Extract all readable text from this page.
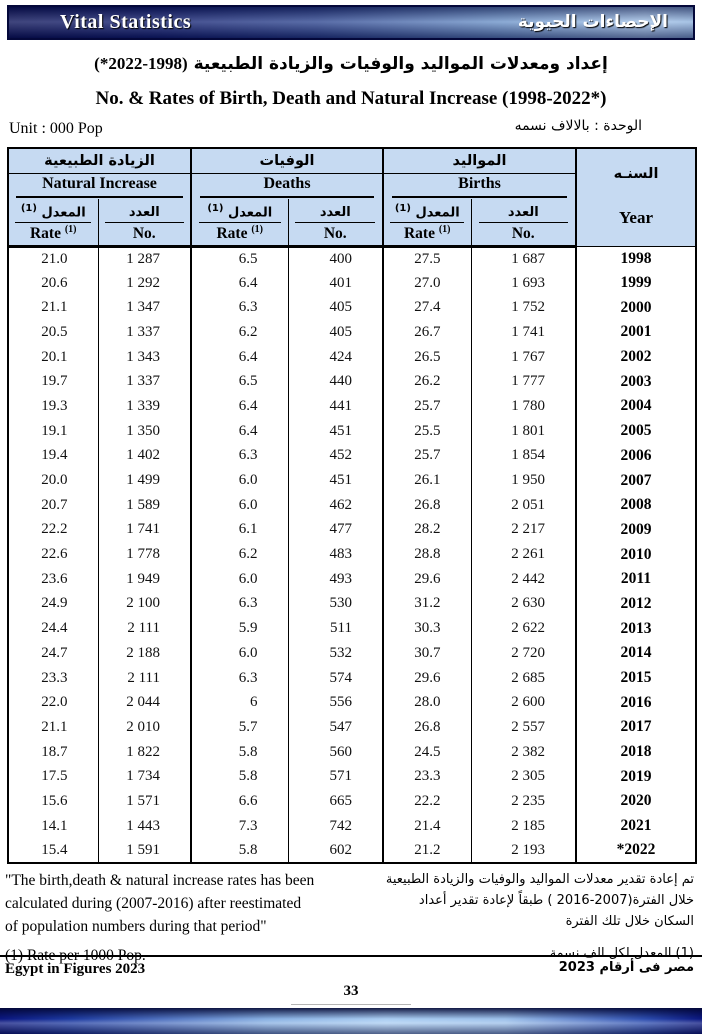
Vital Statistics	الإحصاءات الحيوية
إعداد ومعدلات المواليد والوفيات والزيادة الطبيعية (*2022-1998)
No. & Rates of Birth, Death and Natural Increase (1998-2022*)
Unit : 000 Pop	الوحدة : بالالاف نسمه
الزيادة الطبيعية		الوفيات		المواليد		السنـه
Year

Natural Increase		Deaths		Births		

المعدل $^{(1)}$	العدد	المعدل $^{(1)}$	العدد	المعدل $^{(1)}$	العدد	

Rate $^{(1)}$	No.	Rate $^{(1)}$	No.	Rate $^{(1)}$	No.	
21.0	1 287	6.5	400	27.5	1 687	1998
20.6	1 292	6.4	401	27.0	1 693	1999
21.1	1 347	6.3	405	27.4	1 752	2000
20.5	1 337	6.2	405	26.7	1 741	2001
20.1	1 343	6.4	424	26.5	1 767	2002
19.7	1 337	6.5	440	26.2	1 777	2003
19.3	1 339	6.4	441	25.7	1 780	2004
19.1	1 350	6.4	451	25.5	1 801	2005
19.4	1 402	6.3	452	25.7	1 854	2006
20.0	1 499	6.0	451	26.1	1 950	2007
20.7	1 589	6.0	462	26.8	2 051	2008
22.2	1 741	6.1	477	28.2	2 217	2009
22.6	1 778	6.2	483	28.8	2 261	2010
23.6	1 949	6.0	493	29.6	2 442	2011
24.9	2 100	6.3	530	31.2	2 630	2012
24.4	2 111	5.9	511	30.3	2 622	2013
24.7	2 188	6.0	532	30.7	2 720	2014
23.3	2 111	6.3	574	29.6	2 685	2015
22.0	2 044	6	556	28.0	2 600	2016
21.1	2 010	5.7	547	26.8	2 557	2017
18.7	1 822	5.8	560	24.5	2 382	2018
17.5	1 734	5.8	571	23.3	2 305	2019
15.6	1 571	6.6	665	22.2	2 235	2020
14.1	1 443	7.3	742	21.4	2 185	2021
15.4	1 591	5.8	602	21.2	2 193	*2022
"The birth,death & natural increase rates has been
calculated during (2007-2016) after reestimated
of population numbers during that period"
(1) Rate per 1000 Pop.
تم إعادة تقدير معدلات المواليد والوفيات والزيادة الطبيعية
خلال الفترة(2007-2016 ) طبقاً لإعادة تقدير أعداد
السكان خلال تلك الفترة
(1) المعدل لكل الف نسمة
Egypt in Figures 2023	مصر فى أرقام 2023
33
